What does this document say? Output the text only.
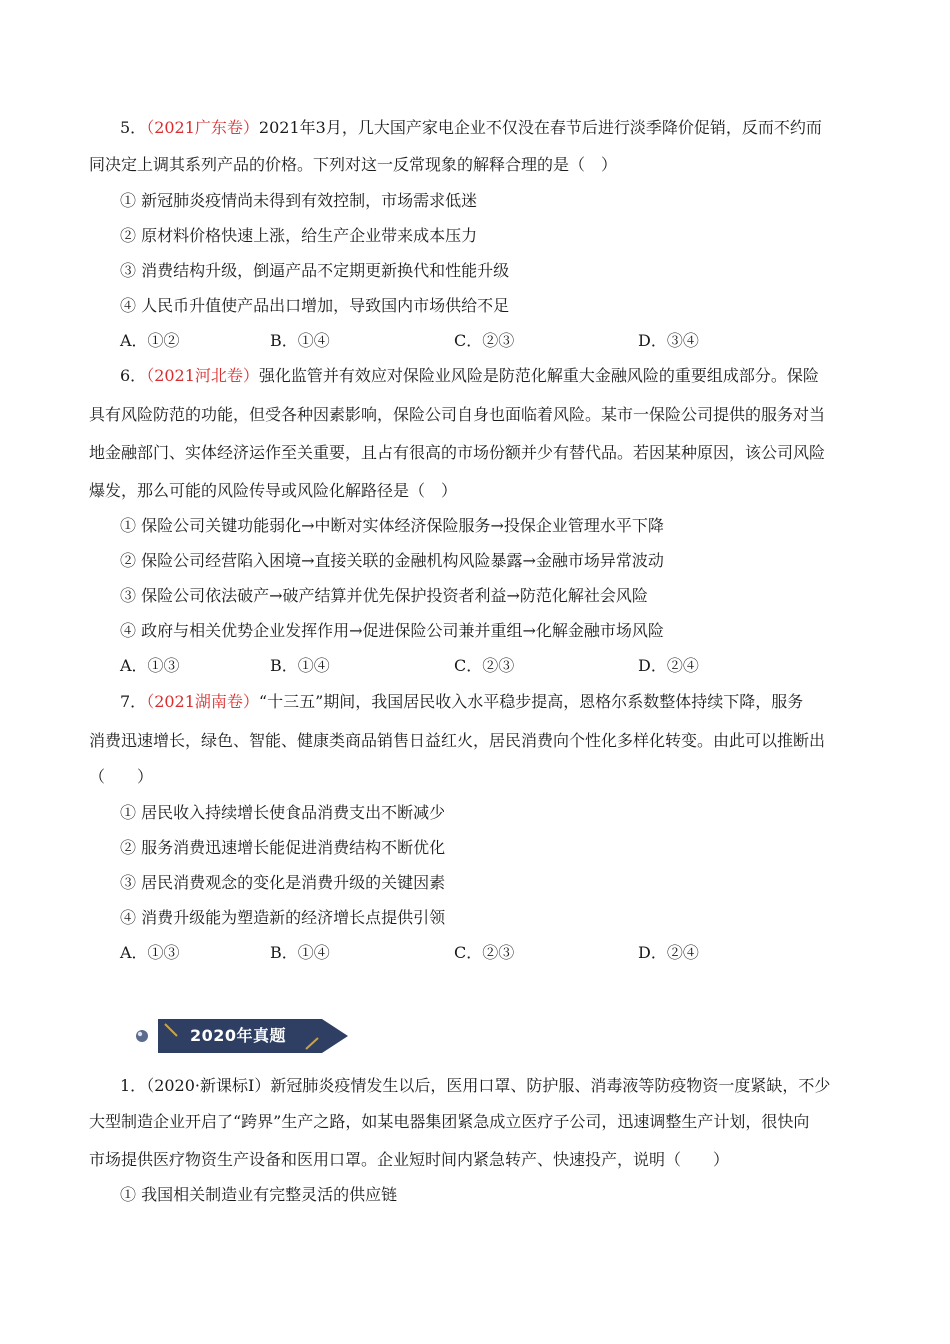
5．（2021广东卷）2021年3月，几大国产家电企业不仅没在春节后进行淡季降价促销，反而不约而
同决定上调其系列产品的价格。下列对这一反常现象的解释合理的是（　）
① 新冠肺炎疫情尚未得到有效控制，市场需求低迷
② 原材料价格快速上涨，给生产企业带来成本压力
③ 消费结构升级，倒逼产品不定期更新换代和性能升级
④ 人民币升值使产品出口增加，导致国内市场供给不足
A．①②	B．①④	C．②③	D．③④
6．（2021河北卷）强化监管并有效应对保险业风险是防范化解重大金融风险的重要组成部分。保险
具有风险防范的功能，但受各种因素影响，保险公司自身也面临着风险。某市一保险公司提供的服务对当
地金融部门、实体经济运作至关重要，且占有很高的市场份额并少有替代品。若因某种原因，该公司风险
爆发，那么可能的风险传导或风险化解路径是（　）
① 保险公司关键功能弱化→中断对实体经济保险服务→投保企业管理水平下降
② 保险公司经营陷入困境→直接关联的金融机构风险暴露→金融市场异常波动
③ 保险公司依法破产→破产结算并优先保护投资者利益→防范化解社会风险
④ 政府与相关优势企业发挥作用→促进保险公司兼并重组→化解金融市场风险
A．①③	B．①④	C．②③	D．②④
7．（2021湖南卷）“十三五”期间，我国居民收入水平稳步提高，恩格尔系数整体持续下降，服务
消费迅速增长，绿色、智能、健康类商品销售日益红火，居民消费向个性化多样化转变。由此可以推断出
（　　）
① 居民收入持续增长使食品消费支出不断减少
② 服务消费迅速增长能促进消费结构不断优化
③ 居民消费观念的变化是消费升级的关键因素
④ 消费升级能为塑造新的经济增长点提供引领
A．①③	B．①④	C．②③	D．②④
2020年真题
1．（2020·新课标Ⅰ）新冠肺炎疫情发生以后，医用口罩、防护服、消毒液等防疫物资一度紧缺，不少
大型制造企业开启了“跨界”生产之路，如某电器集团紧急成立医疗子公司，迅速调整生产计划，很快向
市场提供医疗物资生产设备和医用口罩。企业短时间内紧急转产、快速投产，说明（　　）
① 我国相关制造业有完整灵活的供应链
